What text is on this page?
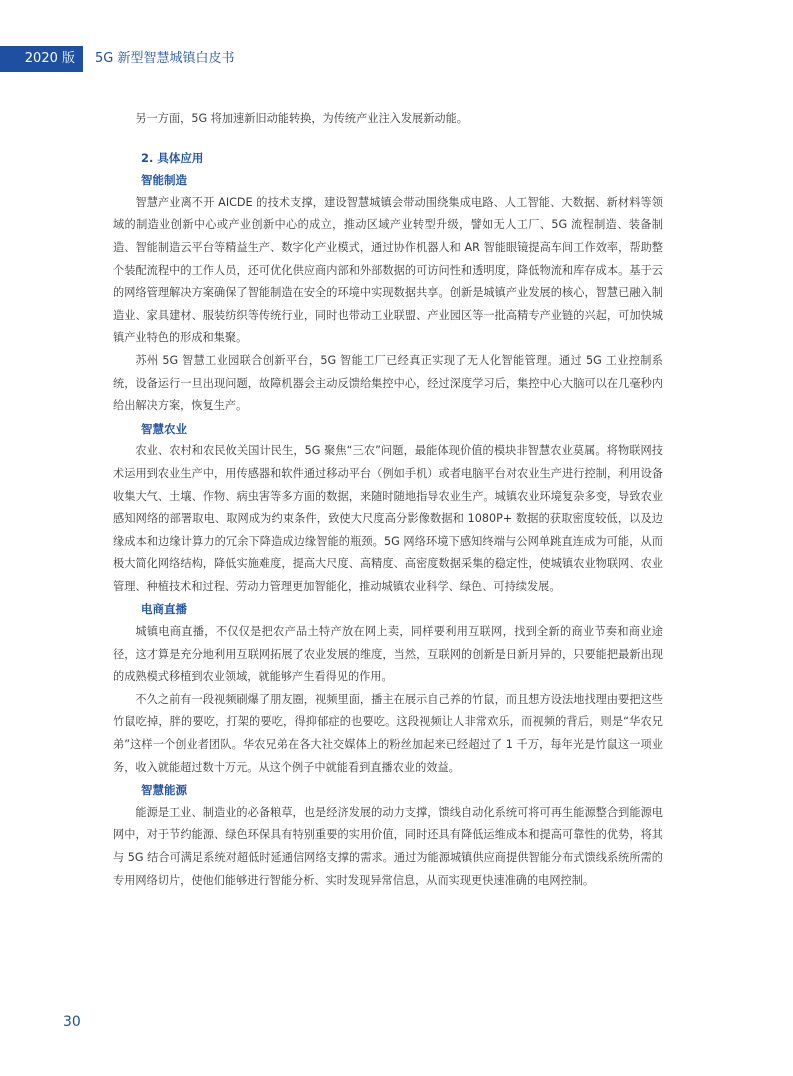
2020 版	5G 新型智慧城镇白皮书

另一方面，5G 将加速新旧动能转换，为传统产业注入发展新动能。

2. 具体应用
智能制造

智慧产业离不开 AICDE 的技术支撑，建设智慧城镇会带动围绕集成电路、人工智能、大数据、新材料等领域的制造业创新中心或产业创新中心的成立，推动区域产业转型升级，譬如无人工厂、5G 流程制造、装备制造、智能制造云平台等精益生产、数字化产业模式，通过协作机器人和 AR 智能眼镜提高车间工作效率，帮助整个装配流程中的工作人员，还可优化供应商内部和外部数据的可访问性和透明度，降低物流和库存成本。基于云的网络管理解决方案确保了智能制造在安全的环境中实现数据共享。创新是城镇产业发展的核心，智慧已融入制造业、家具建材、服装纺织等传统行业，同时也带动工业联盟、产业园区等一批高精专产业链的兴起，可加快城镇产业特色的形成和集聚。

苏州 5G 智慧工业园联合创新平台，5G 智能工厂已经真正实现了无人化智能管理。通过 5G 工业控制系统，设备运行一旦出现问题，故障机器会主动反馈给集控中心，经过深度学习后，集控中心大脑可以在几毫秒内给出解决方案，恢复生产。

智慧农业

农业、农村和农民攸关国计民生，5G 聚焦“三农”问题，最能体现价值的模块非智慧农业莫属。将物联网技术运用到农业生产中，用传感器和软件通过移动平台（例如手机）或者电脑平台对农业生产进行控制，利用设备收集大气、土壤、作物、病虫害等多方面的数据，来随时随地指导农业生产。城镇农业环境复杂多变，导致农业感知网络的部署取电、取网成为约束条件，致使大尺度高分影像数据和 1080P+ 数据的获取密度较低，以及边缘成本和边缘计算力的冗余下降造成边缘智能的瓶颈。5G 网络环境下感知终端与公网单跳直连成为可能，从而极大简化网络结构，降低实施难度，提高大尺度、高精度、高密度数据采集的稳定性，使城镇农业物联网、农业管理、种植技术和过程、劳动力管理更加智能化，推动城镇农业科学、绿色、可持续发展。

电商直播

城镇电商直播，不仅仅是把农产品土特产放在网上卖，同样要利用互联网，找到全新的商业节奏和商业途径，这才算是充分地利用互联网拓展了农业发展的维度，当然，互联网的创新是日新月异的，只要能把最新出现的成熟模式移植到农业领域，就能够产生看得见的作用。

不久之前有一段视频刷爆了朋友圈，视频里面，播主在展示自己养的竹鼠，而且想方设法地找理由要把这些竹鼠吃掉，胖的要吃，打架的要吃，得抑郁症的也要吃。这段视频让人非常欢乐，而视频的背后，则是“华农兄弟”这样一个创业者团队。华农兄弟在各大社交媒体上的粉丝加起来已经超过了 1 千万，每年光是竹鼠这一项业务，收入就能超过数十万元。从这个例子中就能看到直播农业的效益。

智慧能源

能源是工业、制造业的必备粮草，也是经济发展的动力支撑，馈线自动化系统可将可再生能源整合到能源电网中，对于节约能源、绿色环保具有特别重要的实用价值，同时还具有降低运维成本和提高可靠性的优势，将其与 5G 结合可满足系统对超低时延通信网络支撑的需求。通过为能源城镇供应商提供智能分布式馈线系统所需的专用网络切片，使他们能够进行智能分析、实时发现异常信息，从而实现更快速准确的电网控制。

30
